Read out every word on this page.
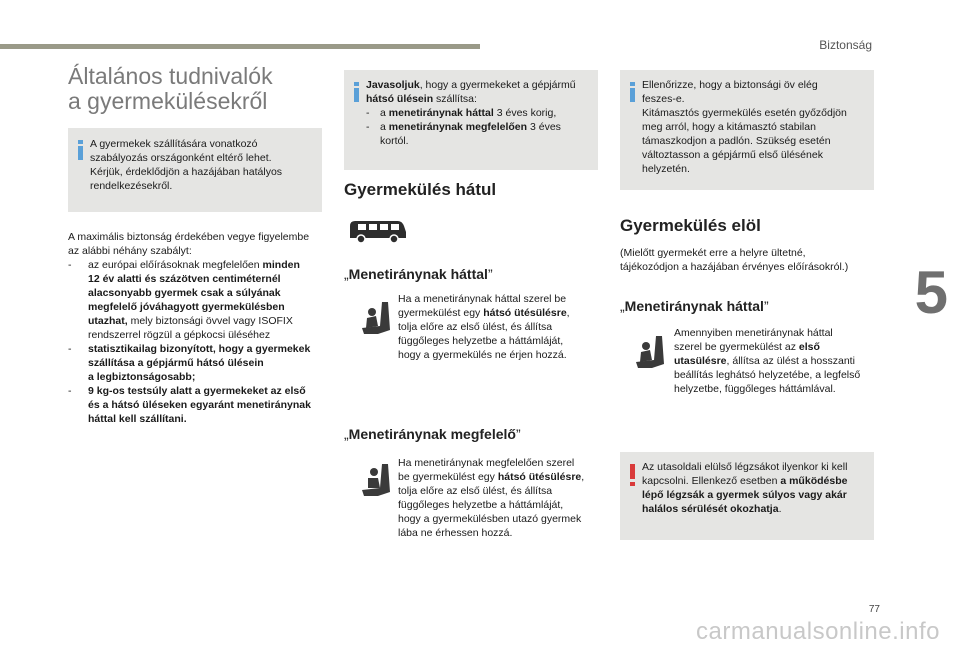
Biztonság
5
77
carmanualsonline.info
Általános tudnivalók
a gyermekülésekről

A gyermekek szállítására vonatkozó

szabályozás országonként eltérő lehet.

Kérjük, érdeklődjön a hazájában hatályos

rendelkezésekről.

A maximális biztonság érdekében vegye figyelembe
az alábbi néhány szabályt:
- az európai előírásoknak megfelelően minden
12 év alatti és százötven centiméternél
alacsonyabb gyermek csak a súlyának
megfelelő jóváhagyott gyermekülésben
utazhat, mely biztonsági övvel vagy ISOFIX
rendszerrel rögzül a gépkocsi üléséhez
- statisztikailag bizonyított, hogy a gyermekek
szállítása a gépjármű hátsó ülésein
a legbiztonságosabb;
- 9 kg-os testsúly alatt a gyermekeket az első
és a hátsó üléseken egyaránt menetiránynak
háttal kell szállítani.

Javasoljuk, hogy a gyermekeket a gépjármű

hátsó ülésein szállítsa:

- a menetiránynak háttal 3 éves korig,
- a menetiránynak megfelelően 3 éves
kortól.
Gyermekülés hátul
„Menetiránynak háttal”
Ha a menetiránynak háttal szerel be
gyermekülést egy hátsó ütésülésre,
tolja előre az első ülést, és állítsa
függőleges helyzetbe a háttámláját,
hogy a gyermekülés ne érjen hozzá.
„Menetiránynak megfelelő”
Ha menetiránynak megfelelően szerel
be gyermekülést egy hátsó ütésülésre,
tolja előre az első ülést, és állítsa
függőleges helyzetbe a háttámláját,
hogy a gyermekülésben utazó gyermek
lába ne érhessen hozzá.

Ellenőrizze, hogy a biztonsági öv elég

feszes-e.

Kitámasztós gyermekülés esetén győződjön

meg arról, hogy a kitámasztó stabilan

támaszkodjon a padlón. Szükség esetén

változtasson a gépjármű első ülésének

helyzetén.

Gyermekülés elöl
(Mielőtt gyermekét erre a helyre ültetné,
tájékozódjon a hazájában érvényes előírásokról.)
„Menetiránynak háttal”
Amennyiben menetiránynak háttal
szerel be gyermekülést az első
utasülésre, állítsa az ülést a hosszanti
beállítás leghátsó helyzetébe, a legfelső
helyzetbe, függőleges háttámlával.

Az utasoldali elülső légzsákot ilyenkor ki kell

kapcsolni. Ellenkező esetben a működésbe

lépő légzsák a gyermek súlyos vagy akár

halálos sérülését okozhatja.
